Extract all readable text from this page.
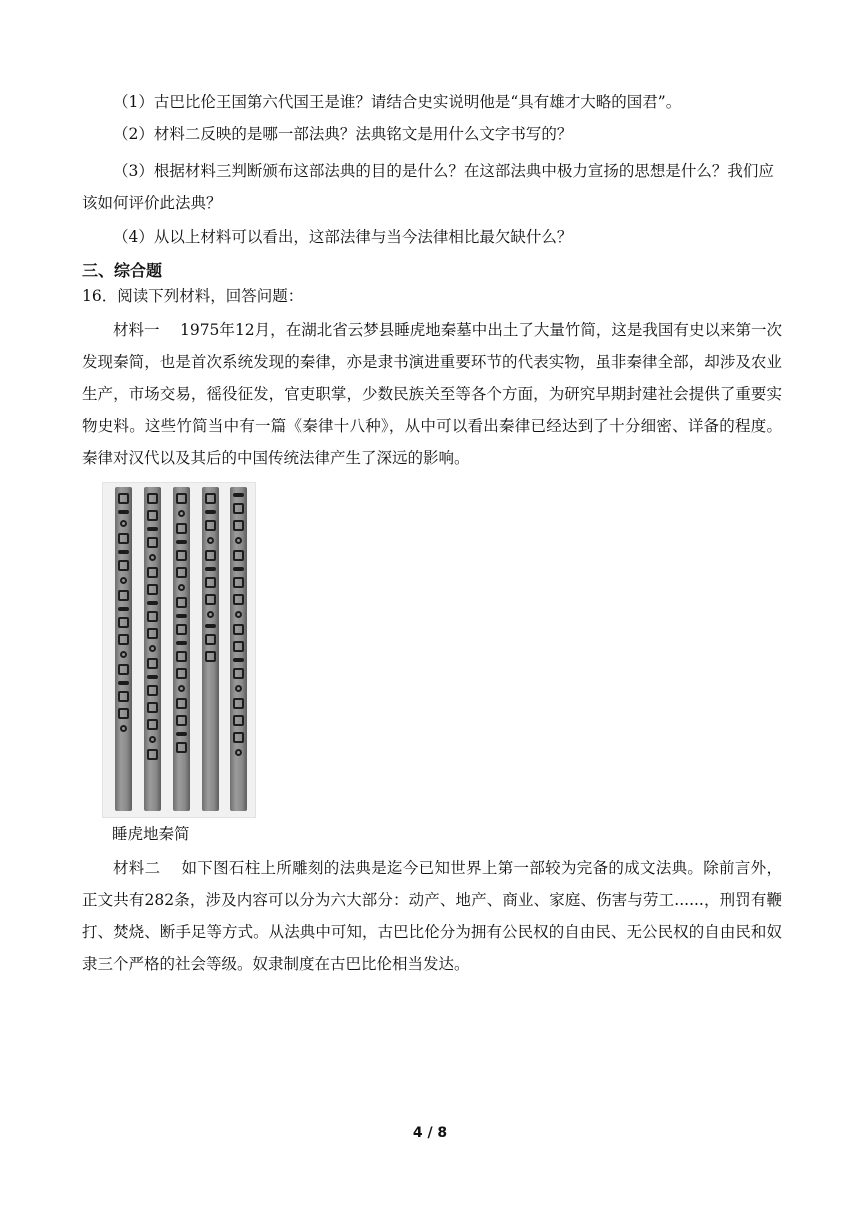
（1）古巴比伦王国第六代国王是谁？请结合史实说明他是“具有雄才大略的国君”。
（2）材料二反映的是哪一部法典？法典铭文是用什么文字书写的？
（3）根据材料三判断颁布这部法典的目的是什么？在这部法典中极力宣扬的思想是什么？我们应该如何评价此法典？
（4）从以上材料可以看出，这部法律与当今法律相比最欠缺什么？
三、综合题
16．阅读下列材料，回答问题：
材料一　 1975年12月，在湖北省云梦县睡虎地秦墓中出土了大量竹简，这是我国有史以来第一次发现秦简，也是首次系统发现的秦律，亦是隶书演进重要环节的代表实物，虽非秦律全部，却涉及农业生产，市场交易，徭役征发，官吏职掌，少数民族关至等各个方面，为研究早期封建社会提供了重要实物史料。这些竹简当中有一篇《秦律十八种》，从中可以看出秦律已经达到了十分细密、详备的程度。秦律对汉代以及其后的中国传统法律产生了深远的影响。
睡虎地秦简
材料二　 如下图石柱上所雕刻的法典是迄今已知世界上第一部较为完备的成文法典。除前言外，正文共有282条，涉及内容可以分为六大部分：动产、地产、商业、家庭、伤害与劳工......，刑罚有鞭打、焚烧、断手足等方式。从法典中可知，古巴比伦分为拥有公民权的自由民、无公民权的自由民和奴隶三个严格的社会等级。奴隶制度在古巴比伦相当发达。
4 / 8
